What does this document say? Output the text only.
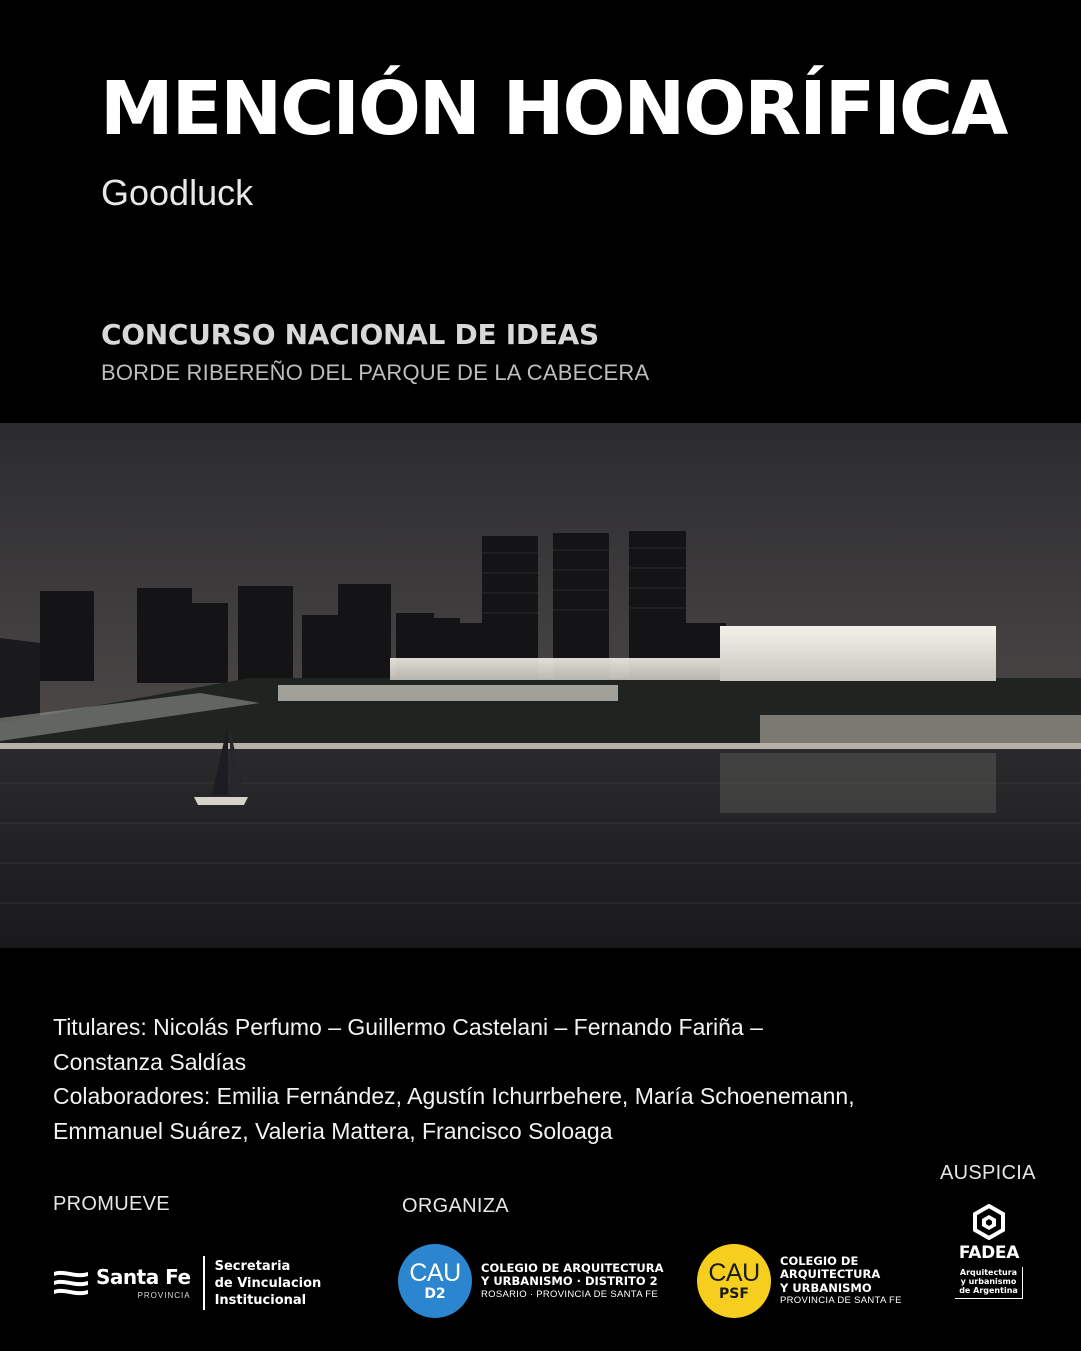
MENCIÓN HONORÍFICA
Goodluck
CONCURSO NACIONAL DE IDEAS
BORDE RIBEREÑO DEL PARQUE DE LA CABECERA
Titulares: Nicolás Perfumo – Guillermo Castelani – Fernando Fariña –
Constanza Saldías
Colaboradores: Emilia Fernández, Agustín Ichurrbehere, María Schoenemann,
Emmanuel Suárez, Valeria Mattera, Francisco Soloaga
PROMUEVE	ORGANIZA
AUSPICIA
Santa Fe
PROVINCIA
Secretaria
de Vinculacion
Institucional
CAU
D2
COLEGIO DE ARQUITECTURA
Y URBANISMO · DISTRITO 2
ROSARIO · PROVINCIA DE SANTA FE
CAU
PSF
COLEGIO DE
ARQUITECTURA
Y URBANISMO
PROVINCIA DE SANTA FE
FADEA
Arquitectura
y urbanismo
de Argentina
